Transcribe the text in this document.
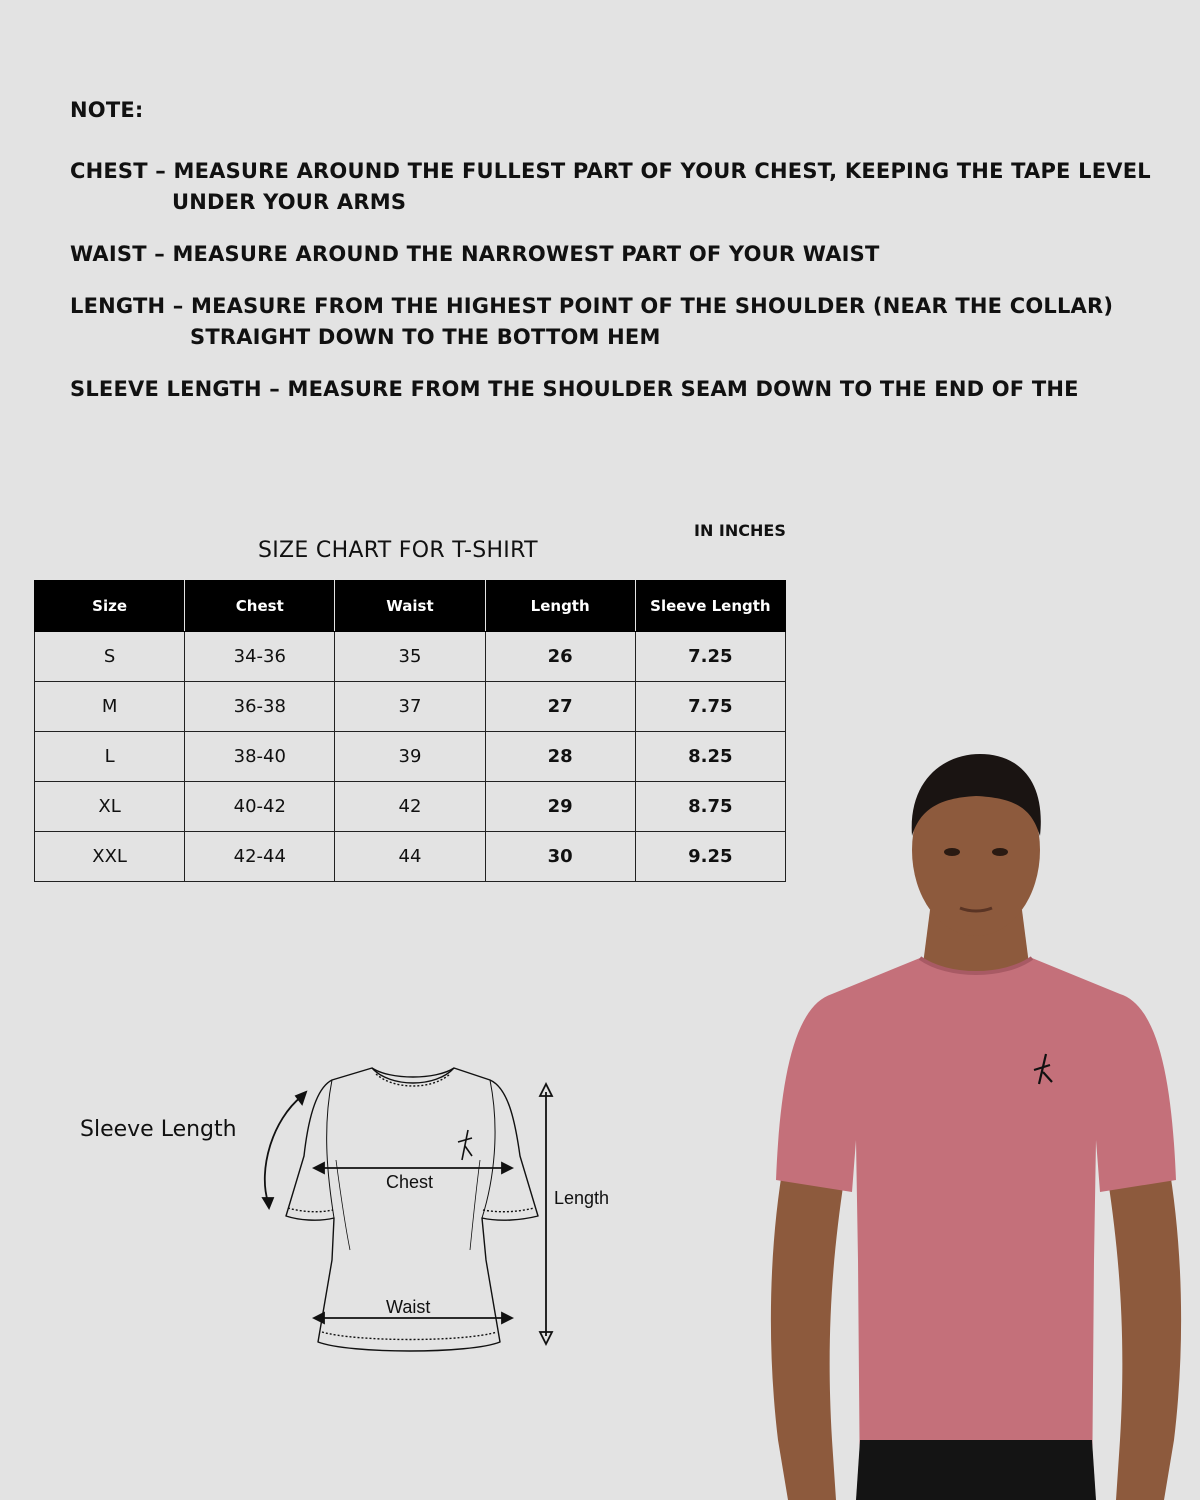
NOTE:
CHEST – MEASURE AROUND THE FULLEST PART OF YOUR CHEST, KEEPING THE TAPE LEVEL
UNDER YOUR ARMS
WAIST – MEASURE AROUND THE NARROWEST PART OF YOUR WAIST
LENGTH – MEASURE FROM THE HIGHEST POINT OF THE SHOULDER (NEAR THE COLLAR)
STRAIGHT DOWN TO THE BOTTOM HEM
SLEEVE LENGTH – MEASURE FROM THE SHOULDER SEAM DOWN TO THE END OF THE
IN INCHES
SIZE CHART FOR T-SHIRT
Size	Chest	Waist	Length	Sleeve Length
S	34-36	35	26	7.25
M	36-38	37	27	7.75
L	38-40	39	28	8.25
XL	40-42	42	29	8.75
XXL	42-44	44	30	9.25
Sleeve Length
Chest
Waist
Length
